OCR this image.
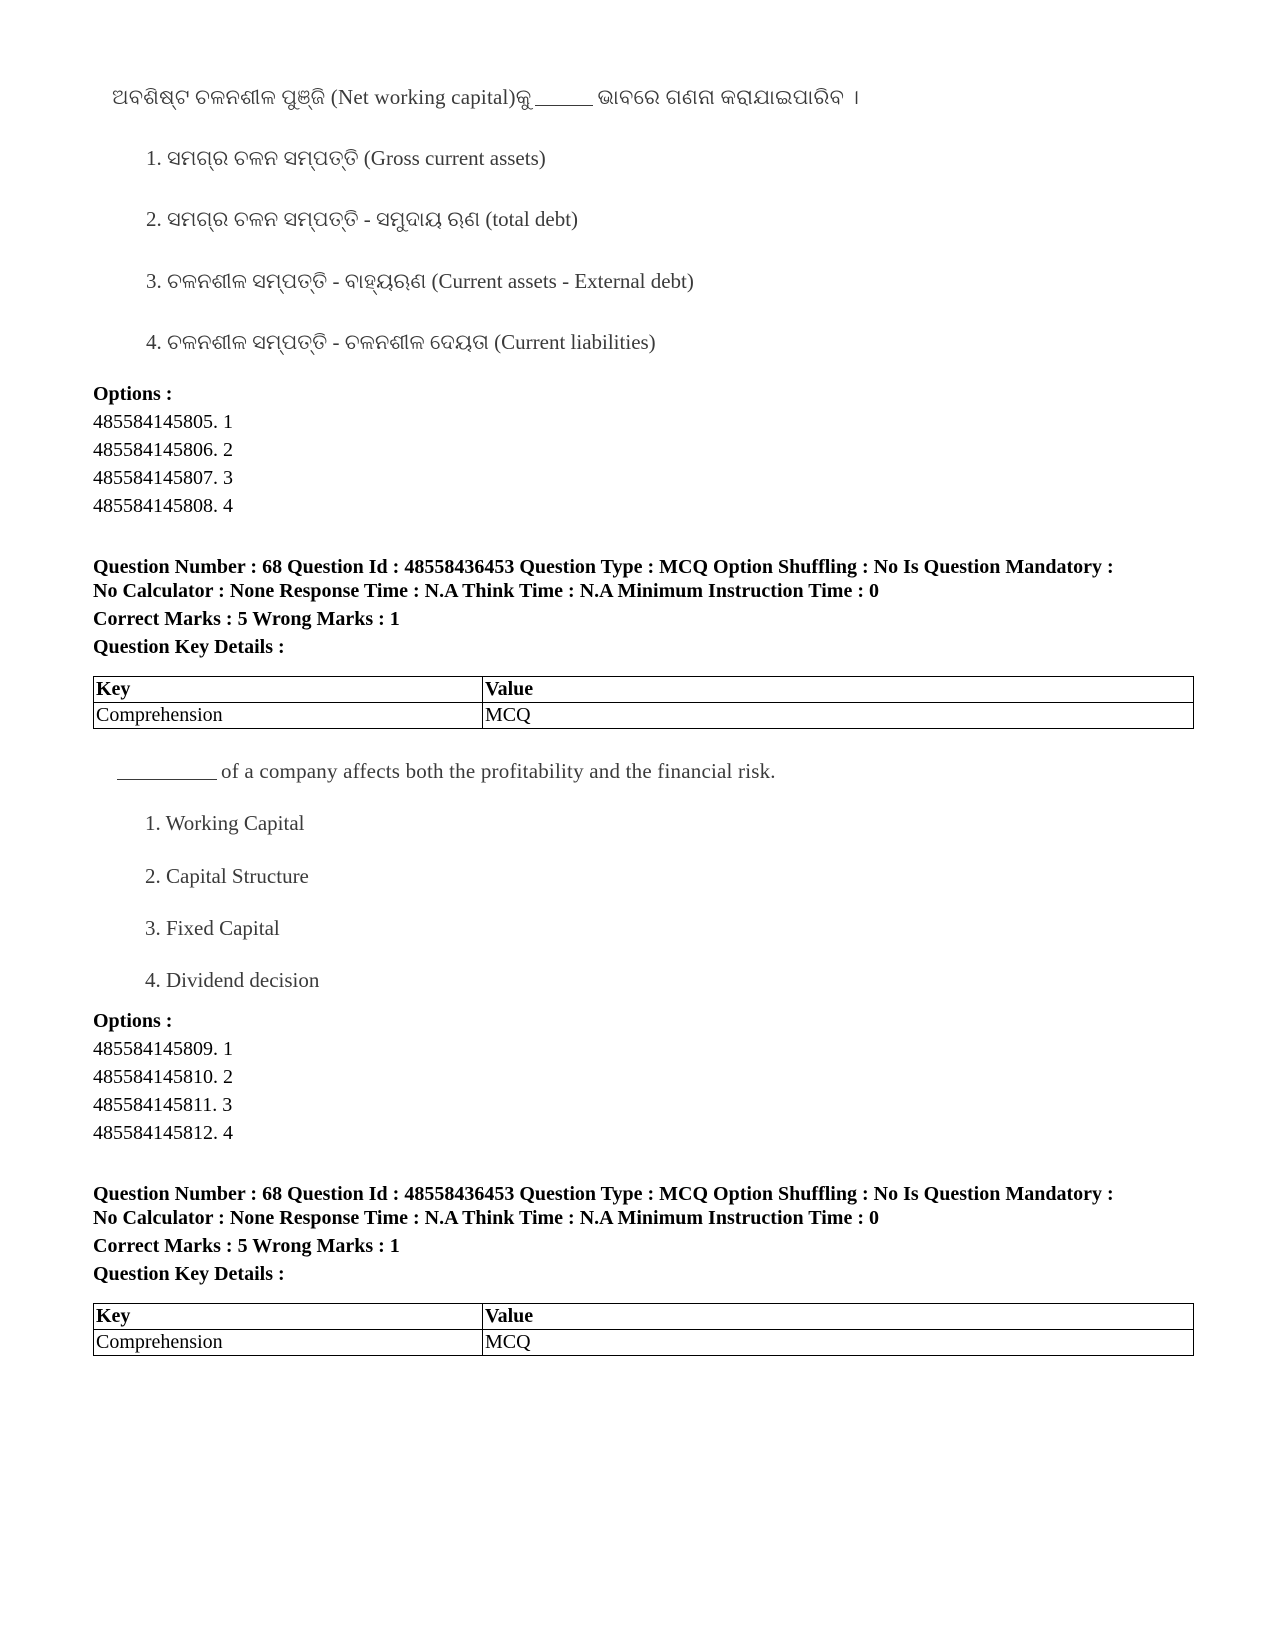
ଅବଶିଷ୍ଟ ଚଳନଶୀଳ ପୁଞ୍ଜି (Net working capital)କୁ	ଭାବରେ ଗଣନା କରାଯାଇପାରିବ ।
1. ସମଗ୍ର ଚଳନ ସମ୍ପତ୍ତି (Gross current assets)
2. ସମଗ୍ର ଚଳନ ସମ୍ପତ୍ତି - ସମୁଦାୟ ଋଣ (total debt)
3. ଚଳନଶୀଳ ସମ୍ପତ୍ତି - ବାହ୍ୟଋଣ (Current assets - External debt)
4. ଚଳନଶୀଳ ସମ୍ପତ୍ତି - ଚଳନଶୀଳ ଦେୟତା (Current liabilities)
Options :
485584145805. 1
485584145806. 2
485584145807. 3
485584145808. 4
Question Number : 68 Question Id : 48558436453 Question Type : MCQ Option Shuffling : No Is Question Mandatory :
No Calculator : None Response Time : N.A Think Time : N.A Minimum Instruction Time : 0
Correct Marks : 5 Wrong Marks : 1
Question Key Details :
Key	Value
Comprehension	MCQ
of a company affects both the profitability and the financial risk.
1. Working Capital
2. Capital Structure
3. Fixed Capital
4. Dividend decision
Options :
485584145809. 1
485584145810. 2
485584145811. 3
485584145812. 4
Question Number : 68 Question Id : 48558436453 Question Type : MCQ Option Shuffling : No Is Question Mandatory :
No Calculator : None Response Time : N.A Think Time : N.A Minimum Instruction Time : 0
Correct Marks : 5 Wrong Marks : 1
Question Key Details :
Key	Value
Comprehension	MCQ
